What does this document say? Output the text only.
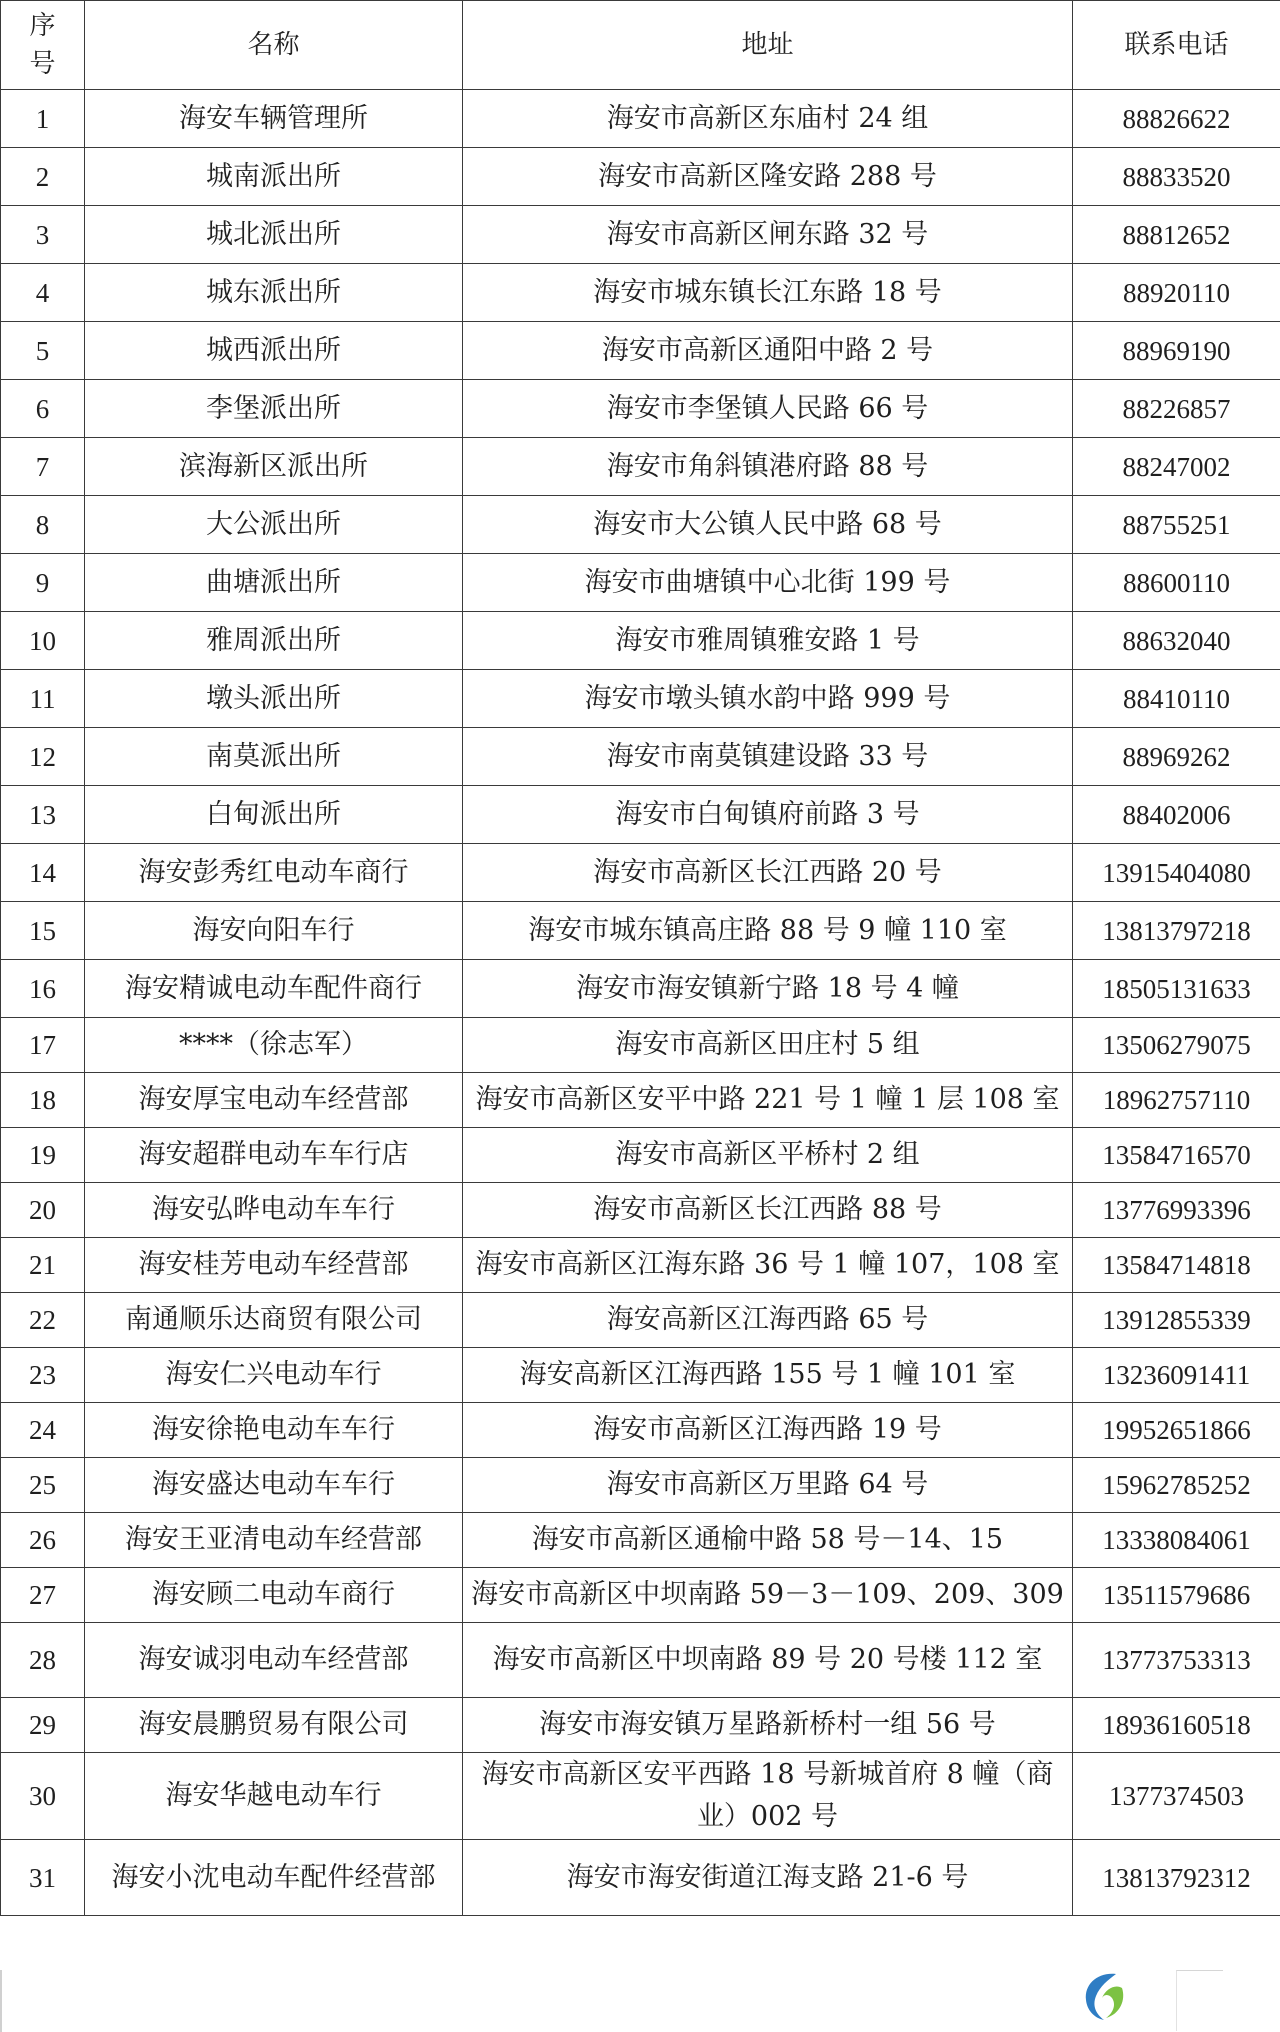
序
号	名称	地址	联系电话
1	海安车辆管理所	海安市高新区东庙村 24 组	88826622
2	城南派出所	海安市高新区隆安路 288 号	88833520
3	城北派出所	海安市高新区闸东路 32 号	88812652
4	城东派出所	海安市城东镇长江东路 18 号	88920110
5	城西派出所	海安市高新区通阳中路 2 号	88969190
6	李堡派出所	海安市李堡镇人民路 66 号	88226857
7	滨海新区派出所	海安市角斜镇港府路 88 号	88247002
8	大公派出所	海安市大公镇人民中路 68 号	88755251
9	曲塘派出所	海安市曲塘镇中心北街 199 号	88600110
10	雅周派出所	海安市雅周镇雅安路 1 号	88632040
11	墩头派出所	海安市墩头镇水韵中路 999 号	88410110
12	南莫派出所	海安市南莫镇建设路 33 号	88969262
13	白甸派出所	海安市白甸镇府前路 3 号	88402006
14	海安彭秀红电动车商行	海安市高新区长江西路 20 号	13915404080
15	海安向阳车行	海安市城东镇高庄路 88 号 9 幢 110 室	13813797218
16	海安精诚电动车配件商行	海安市海安镇新宁路 18 号 4 幢	18505131633
17	****（徐志军）	海安市高新区田庄村 5 组	13506279075
18	海安厚宝电动车经营部	海安市高新区安平中路 221 号 1 幢 1 层 108 室	18962757110
19	海安超群电动车车行店	海安市高新区平桥村 2 组	13584716570
20	海安弘晔电动车车行	海安市高新区长江西路 88 号	13776993396
21	海安桂芳电动车经营部	海安市高新区江海东路 36 号 1 幢 107，108 室	13584714818
22	南通顺乐达商贸有限公司	海安高新区江海西路 65 号	13912855339
23	海安仁兴电动车行	海安高新区江海西路 155 号 1 幢 101 室	13236091411
24	海安徐艳电动车车行	海安市高新区江海西路 19 号	19952651866
25	海安盛达电动车车行	海安市高新区万里路 64 号	15962785252
26	海安王亚清电动车经营部	海安市高新区通榆中路 58 号－14、15	13338084061
27	海安顾二电动车商行	海安市高新区中坝南路 59－3－109、209、309	13511579686
28	海安诚羽电动车经营部	海安市高新区中坝南路 89 号 20 号楼 112 室	13773753313
29	海安晨鹏贸易有限公司	海安市海安镇万星路新桥村一组 56 号	18936160518
30	海安华越电动车行	海安市高新区安平西路 18 号新城首府 8 幢（商业）002 号	1377374503
31	海安小沈电动车配件经营部	海安市海安街道江海支路 21-6 号	13813792312
